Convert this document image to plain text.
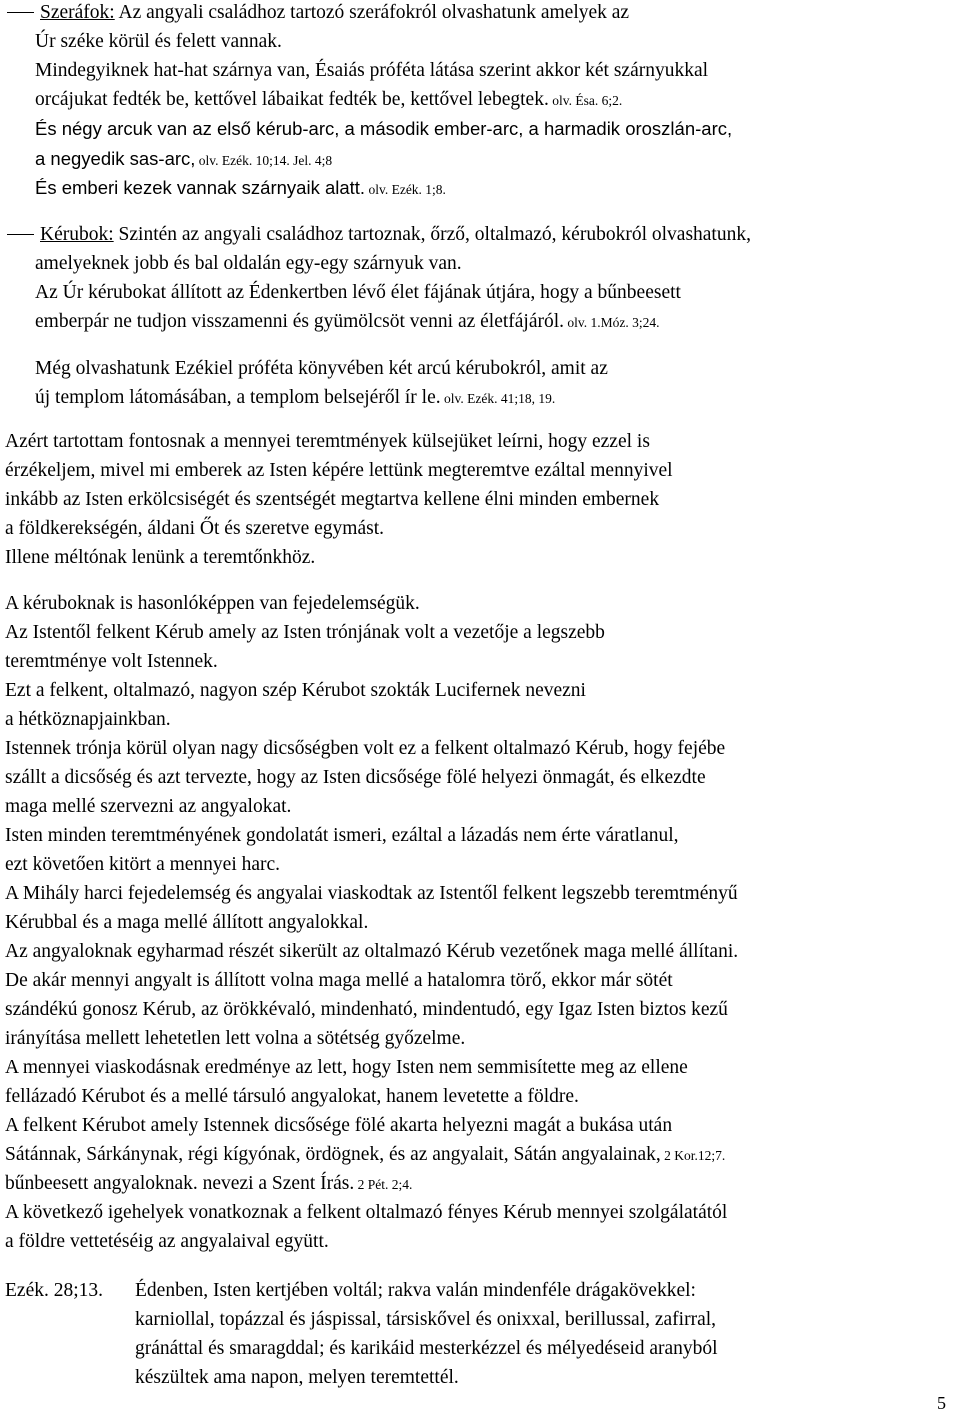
Szeráfok: Az angyali családhoz tartozó szeráfokról olvashatunk amelyek az
Úr széke körül és felett vannak.
Mindegyiknek hat-hat szárnya van, Ésaiás próféta látása szerint akkor két szárnyukkal
orcájukat fedték be, kettővel lábaikat fedték be, kettővel lebegtek. olv. Ésa. 6;2.
És négy arcuk van az első kérub-arc, a második ember-arc, a harmadik oroszlán-arc,
a negyedik sas-arc, olv. Ezék. 10;14. Jel. 4;8
És emberi kezek vannak szárnyaik alatt. olv. Ezék. 1;8.
Kérubok: Szintén az angyali családhoz tartoznak, őrző, oltalmazó, kérubokról olvashatunk,
amelyeknek jobb és bal oldalán egy-egy szárnyuk van.
Az Úr kérubokat állított az Édenkertben lévő élet fájának útjára, hogy a bűnbeesett
emberpár ne tudjon visszamenni és gyümölcsöt venni az életfájáról. olv. 1.Móz. 3;24.
Még olvashatunk Ezékiel próféta könyvében két arcú kérubokról, amit az
új templom látomásában, a templom belsejéről ír le. olv. Ezék. 41;18, 19.
Azért tartottam fontosnak a mennyei teremtmények külsejüket leírni, hogy ezzel is
érzékeljem, mivel mi emberek az Isten képére lettünk megteremtve ezáltal mennyivel
inkább az Isten erkölcsiségét és szentségét megtartva kellene élni minden embernek
a földkerekségén, áldani Őt és szeretve egymást.
Illene méltónak lenünk a teremtőnkhöz.
A kéruboknak is hasonlóképpen van fejedelemségük.
Az Istentől felkent Kérub amely az Isten trónjának volt a vezetője a legszebb
teremtménye volt Istennek.
Ezt a felkent, oltalmazó, nagyon szép Kérubot szokták Lucifernek nevezni
a hétköznapjainkban.
Istennek trónja körül olyan nagy dicsőségben volt ez a felkent oltalmazó Kérub, hogy fejébe
szállt a dicsőség és azt tervezte, hogy az Isten dicsősége fölé helyezi önmagát, és elkezdte
maga mellé szervezni az angyalokat.
Isten minden teremtményének gondolatát ismeri, ezáltal a lázadás nem érte váratlanul,
ezt követően kitört a mennyei harc.
A Mihály harci fejedelemség és angyalai viaskodtak az Istentől felkent legszebb teremtményű
Kérubbal és a maga mellé állított angyalokkal.
Az angyaloknak egyharmad részét sikerült az oltalmazó Kérub vezetőnek maga mellé állítani.
De akár mennyi angyalt is állított volna maga mellé a hatalomra törő, ekkor már sötét
szándékú gonosz Kérub, az örökkévaló, mindenható, mindentudó, egy Igaz Isten biztos kezű
irányítása mellett lehetetlen lett volna a sötétség győzelme.
A mennyei viaskodásnak eredménye az lett, hogy Isten nem semmisítette meg az ellene
fellázadó Kérubot és a mellé társuló angyalokat, hanem levetette a földre.
A felkent Kérubot amely Istennek dicsősége fölé akarta helyezni magát a bukása után
Sátánnak, Sárkánynak, régi kígyónak, ördögnek, és az angyalait, Sátán angyalainak, 2 Kor.12;7.
bűnbeesett angyaloknak. nevezi a Szent Írás. 2 Pét. 2;4.
A következő igehelyek vonatkoznak a felkent oltalmazó fényes Kérub mennyei szolgálatától
a földre vettetéséig az angyalaival együtt.
Ezék. 28;13. Édenben, Isten kertjében voltál; rakva valán mindenféle drágakövekkel:
karniollal, topázzal és jáspissal, társiskővel és onixxal, berillussal, zafirral,
gránáttal és smaragddal; és karikáid mesterkézzel és mélyedéseid aranyból
készültek ama napon, melyen teremtettél.
5
